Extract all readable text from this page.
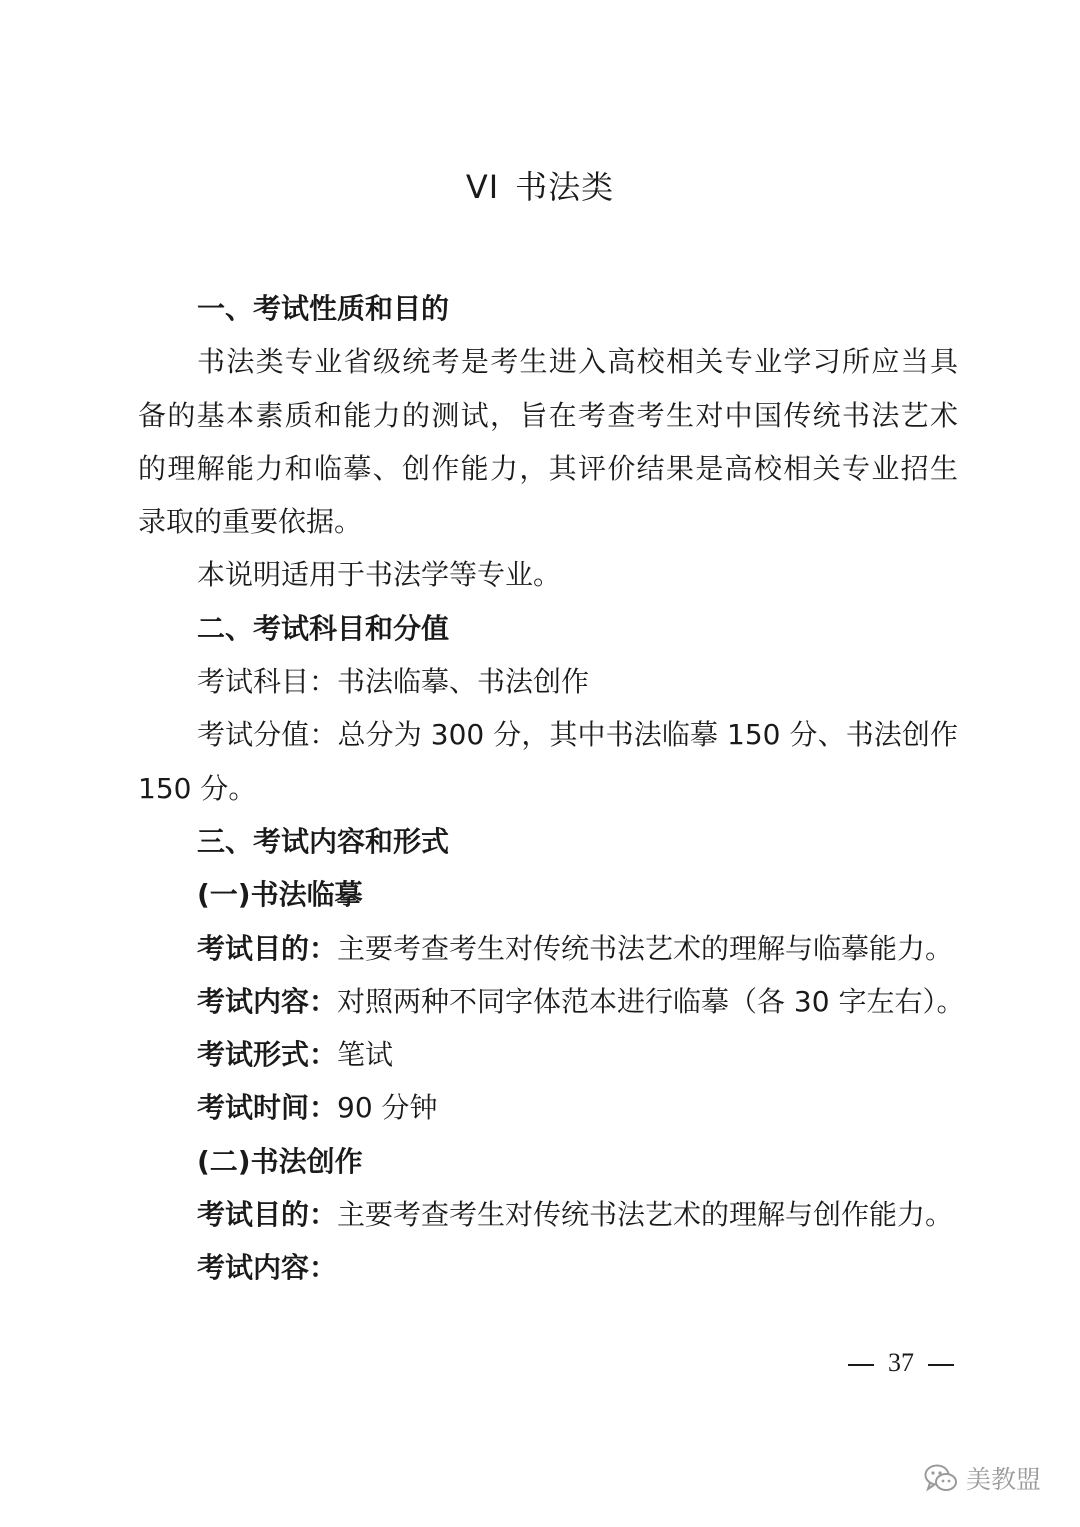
VI 书法类
一、考试性质和目的
书法类专业省级统考是考生进入高校相关专业学习所应当具
备的基本素质和能力的测试，旨在考查考生对中国传统书法艺术
的理解能力和临摹、创作能力，其评价结果是高校相关专业招生
录取的重要依据。
本说明适用于书法学等专业。
二、考试科目和分值
考试科目：书法临摹、书法创作
考试分值：总分为 300 分，其中书法临摹 150 分、书法创作
150 分。
三、考试内容和形式
(一)书法临摹
考试目的：主要考查考生对传统书法艺术的理解与临摹能力。
考试内容：对照两种不同字体范本进行临摹（各 30 字左右）。
考试形式：笔试
考试时间：90 分钟
(二)书法创作
考试目的：主要考查考生对传统书法艺术的理解与创作能力。
考试内容：
37
美教盟
